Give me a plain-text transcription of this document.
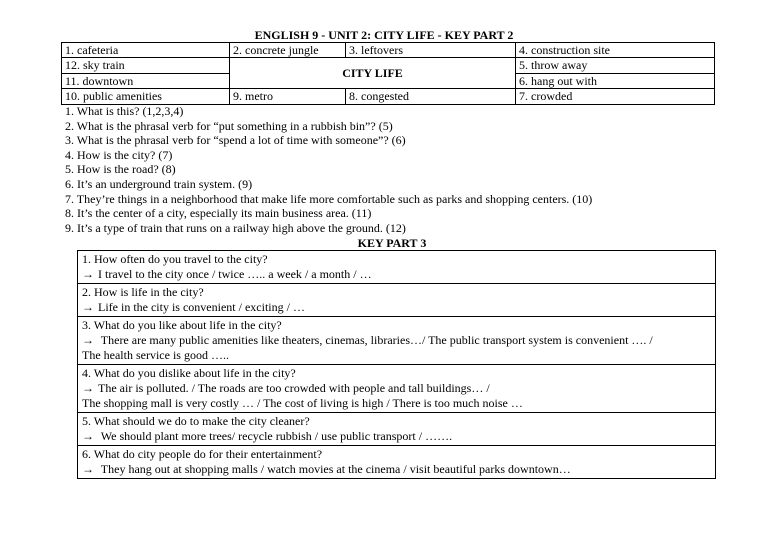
ENGLISH 9 - UNIT 2: CITY LIFE - KEY PART 2
1. cafeteria	2. concrete jungle	3. leftovers	4. construction site
12. sky train	CITY LIFE		5. throw away
11. downtown			6. hang out with
10. public amenities	9. metro	8. congested	7. crowded
1. What is this? (1,2,3,4)
2. What is the phrasal verb for “put something in a rubbish bin”? (5)
3. What is the phrasal verb for “spend a lot of time with someone”? (6)
4. How is the city? (7)
5. How is the road? (8)
6. It’s an underground train system. (9)
7. They’re things in a neighborhood that make life more comfortable such as parks and shopping centers. (10)
8. It’s the center of a city, especially its main business area. (11)
9. It’s a type of train that runs on a railway high above the ground. (12)
KEY PART 3
1. How often do you travel to the city?
→ I travel to the city once / twice ….. a week / a month / …
2. How is life in the city?
→ Life in the city is convenient / exciting / …
3. What do you like about life in the city?
→ There are many public amenities like theaters, cinemas, libraries…/ The public transport system is convenient …. /
The health service is good …..
4. What do you dislike about life in the city?
→ The air is polluted. / The roads are too crowded with people and tall buildings… /
The shopping mall is very costly … / The cost of living is high / There is too much noise …
5. What should we do to make the city cleaner?
→ We should plant more trees/ recycle rubbish / use public transport / …….
6. What do city people do for their entertainment?
→ They hang out at shopping malls / watch movies at the cinema / visit beautiful parks downtown…
